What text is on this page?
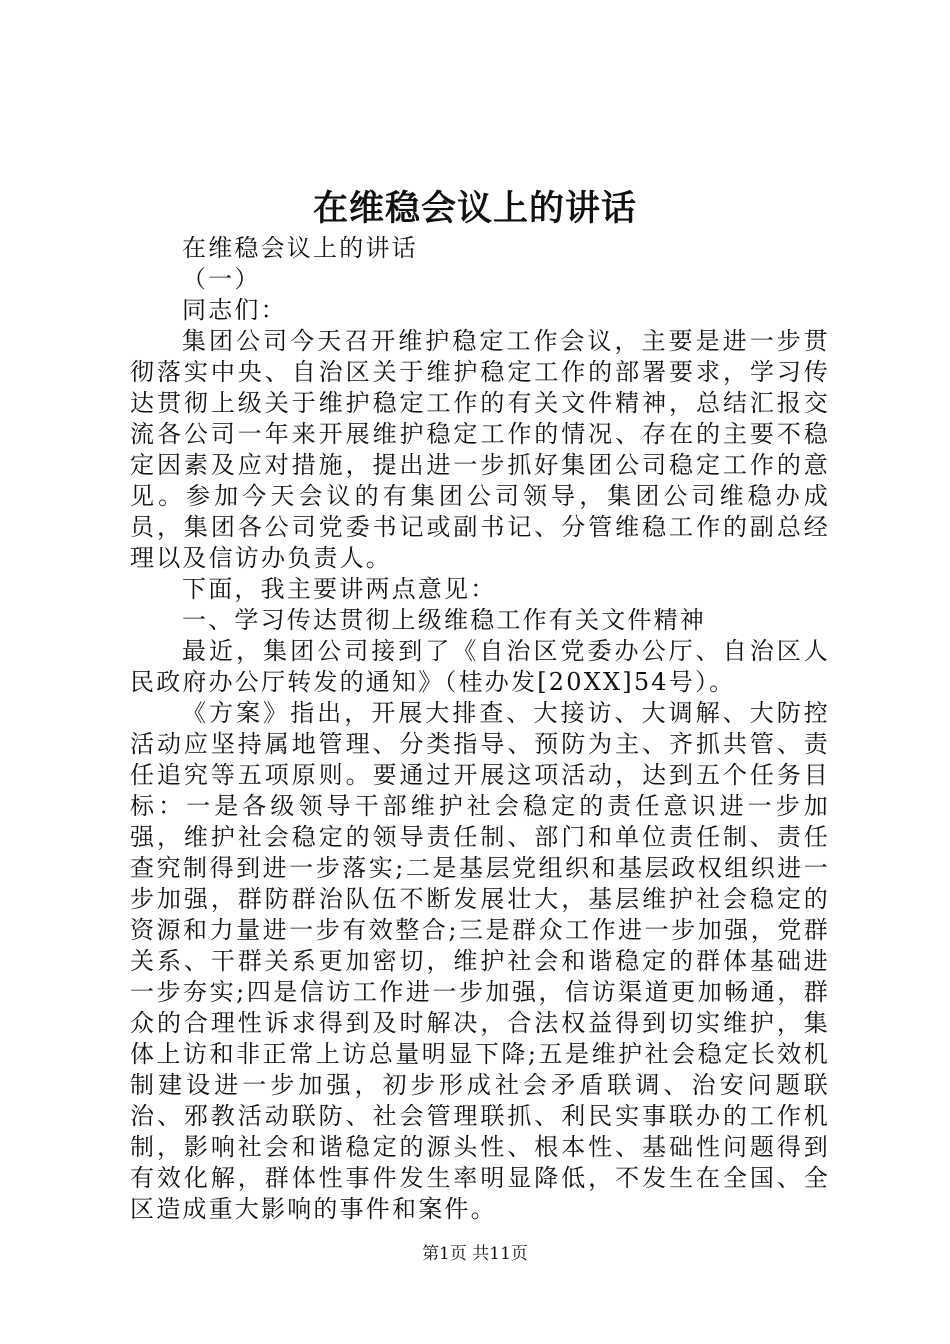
在维稳会议上的讲话

在维稳会议上的讲话

（一）

同志们：

集团公司今天召开维护稳定工作会议，主要是进一步贯彻落实中央、自治区关于维护稳定工作的部署要求，学习传达贯彻上级关于维护稳定工作的有关文件精神，总结汇报交流各公司一年来开展维护稳定工作的情况、存在的主要不稳定因素及应对措施，提出进一步抓好集团公司稳定工作的意见。参加今天会议的有集团公司领导，集团公司维稳办成员，集团各公司党委书记或副书记、分管维稳工作的副总经理以及信访办负责人。

下面，我主要讲两点意见：

一、学习传达贯彻上级维稳工作有关文件精神

最近，集团公司接到了《自治区党委办公厅、自治区人民政府办公厅转发的通知》（桂办发[20XX]54号）。

《方案》指出，开展大排查、大接访、大调解、大防控活动应坚持属地管理、分类指导、预防为主、齐抓共管、责任追究等五项原则。要通过开展这项活动，达到五个任务目标：一是各级领导干部维护社会稳定的责任意识进一步加强，维护社会稳定的领导责任制、部门和单位责任制、责任查究制得到进一步落实;二是基层党组织和基层政权组织进一步加强，群防群治队伍不断发展壮大，基层维护社会稳定的资源和力量进一步有效整合;三是群众工作进一步加强，党群关系、干群关系更加密切，维护社会和谐稳定的群体基础进一步夯实;四是信访工作进一步加强，信访渠道更加畅通，群众的合理性诉求得到及时解决，合法权益得到切实维护，集体上访和非正常上访总量明显下降;五是维护社会稳定长效机制建设进一步加强，初步形成社会矛盾联调、治安问题联治、邪教活动联防、社会管理联抓、利民实事联办的工作机制，影响社会和谐稳定的源头性、根本性、基础性问题得到有效化解，群体性事件发生率明显降低，不发生在全国、全区造成重大影响的事件和案件。

第1页 共11页
